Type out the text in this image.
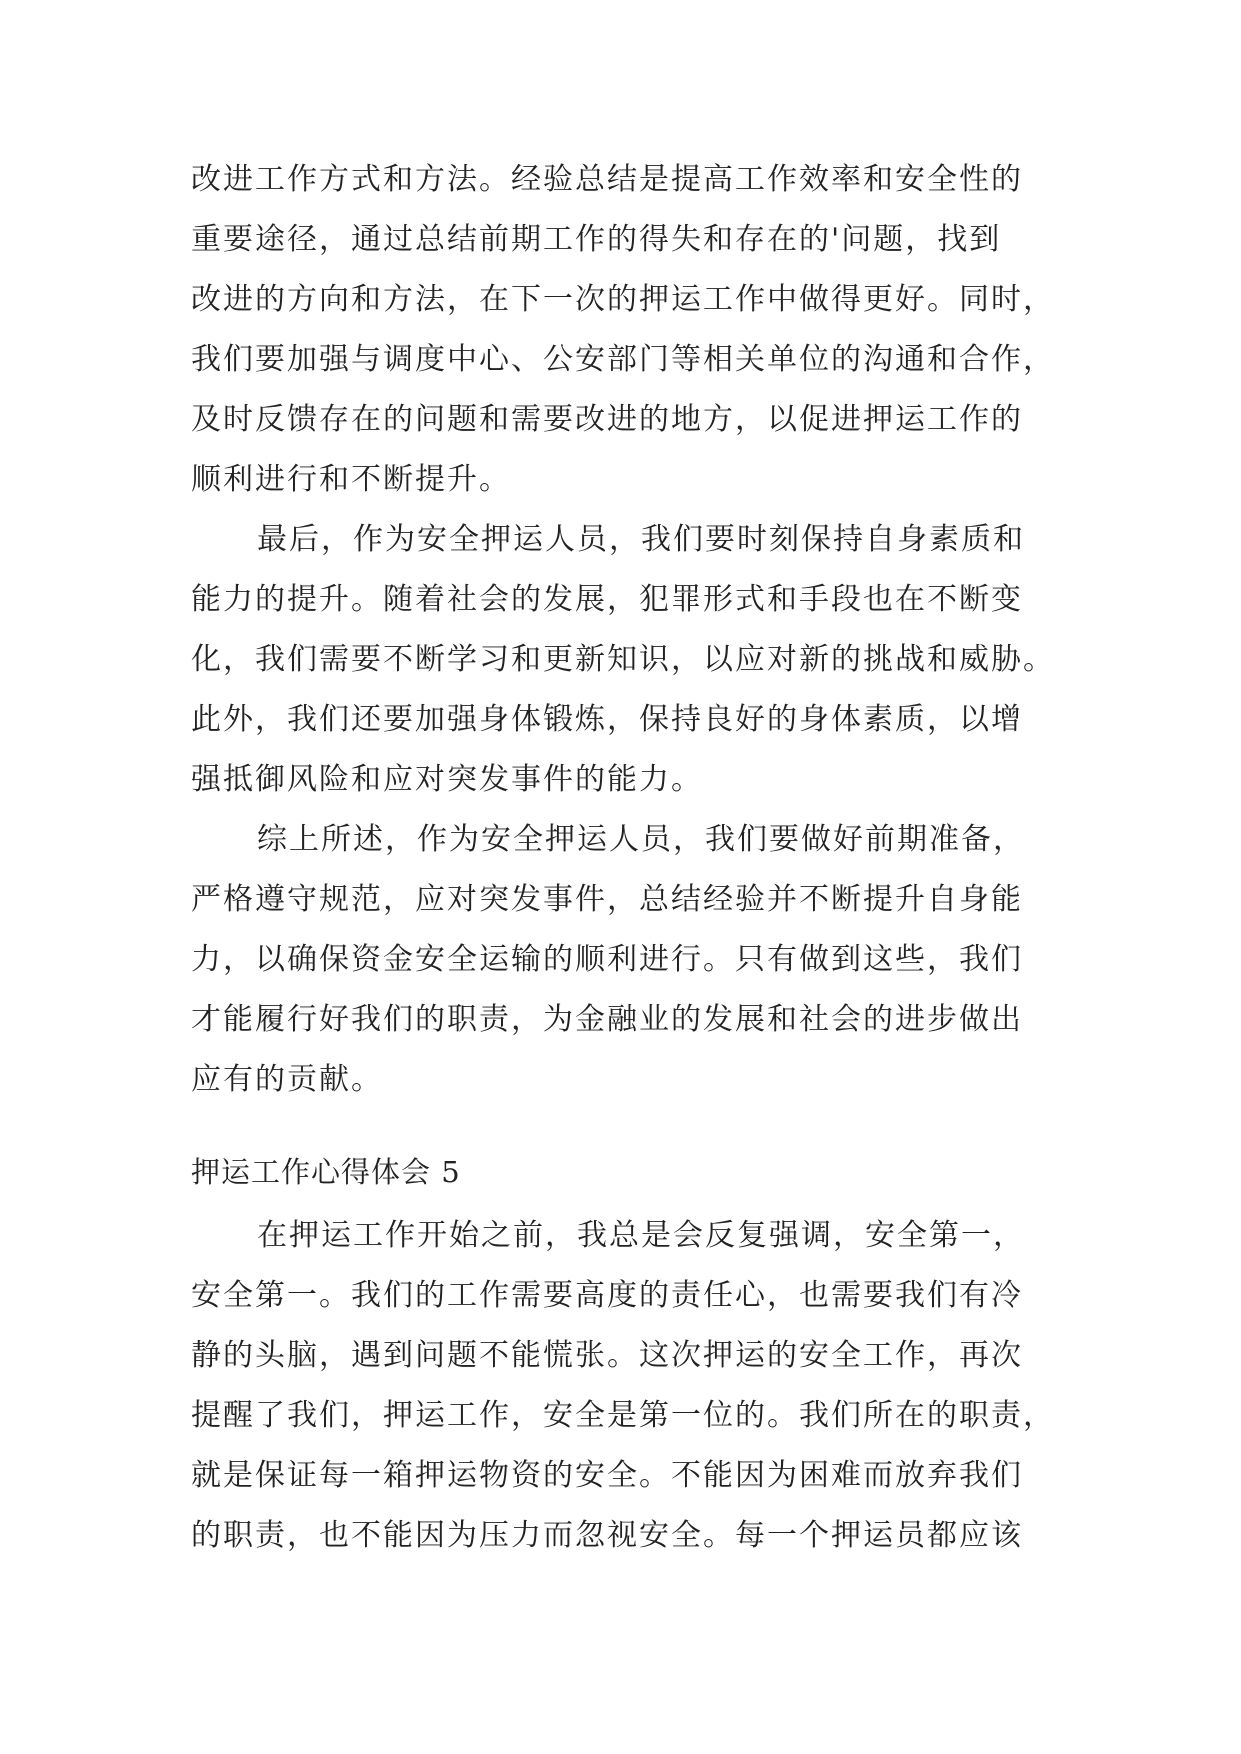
改进工作方式和方法。经验总结是提高工作效率和安全性的
重要途径，通过总结前期工作的得失和存在的'问题，找到
改进的方向和方法，在下一次的押运工作中做得更好。同时，
我们要加强与调度中心、公安部门等相关单位的沟通和合作，
及时反馈存在的问题和需要改进的地方，以促进押运工作的
顺利进行和不断提升。
最后，作为安全押运人员，我们要时刻保持自身素质和
能力的提升。随着社会的发展，犯罪形式和手段也在不断变
化，我们需要不断学习和更新知识，以应对新的挑战和威胁。
此外，我们还要加强身体锻炼，保持良好的身体素质，以增
强抵御风险和应对突发事件的能力。
综上所述，作为安全押运人员，我们要做好前期准备，
严格遵守规范，应对突发事件，总结经验并不断提升自身能
力，以确保资金安全运输的顺利进行。只有做到这些，我们
才能履行好我们的职责，为金融业的发展和社会的进步做出
应有的贡献。
押运工作心得体会 5
在押运工作开始之前，我总是会反复强调，安全第一，
安全第一。我们的工作需要高度的责任心，也需要我们有冷
静的头脑，遇到问题不能慌张。这次押运的安全工作，再次
提醒了我们，押运工作，安全是第一位的。我们所在的职责，
就是保证每一箱押运物资的安全。不能因为困难而放弃我们
的职责，也不能因为压力而忽视安全。每一个押运员都应该
